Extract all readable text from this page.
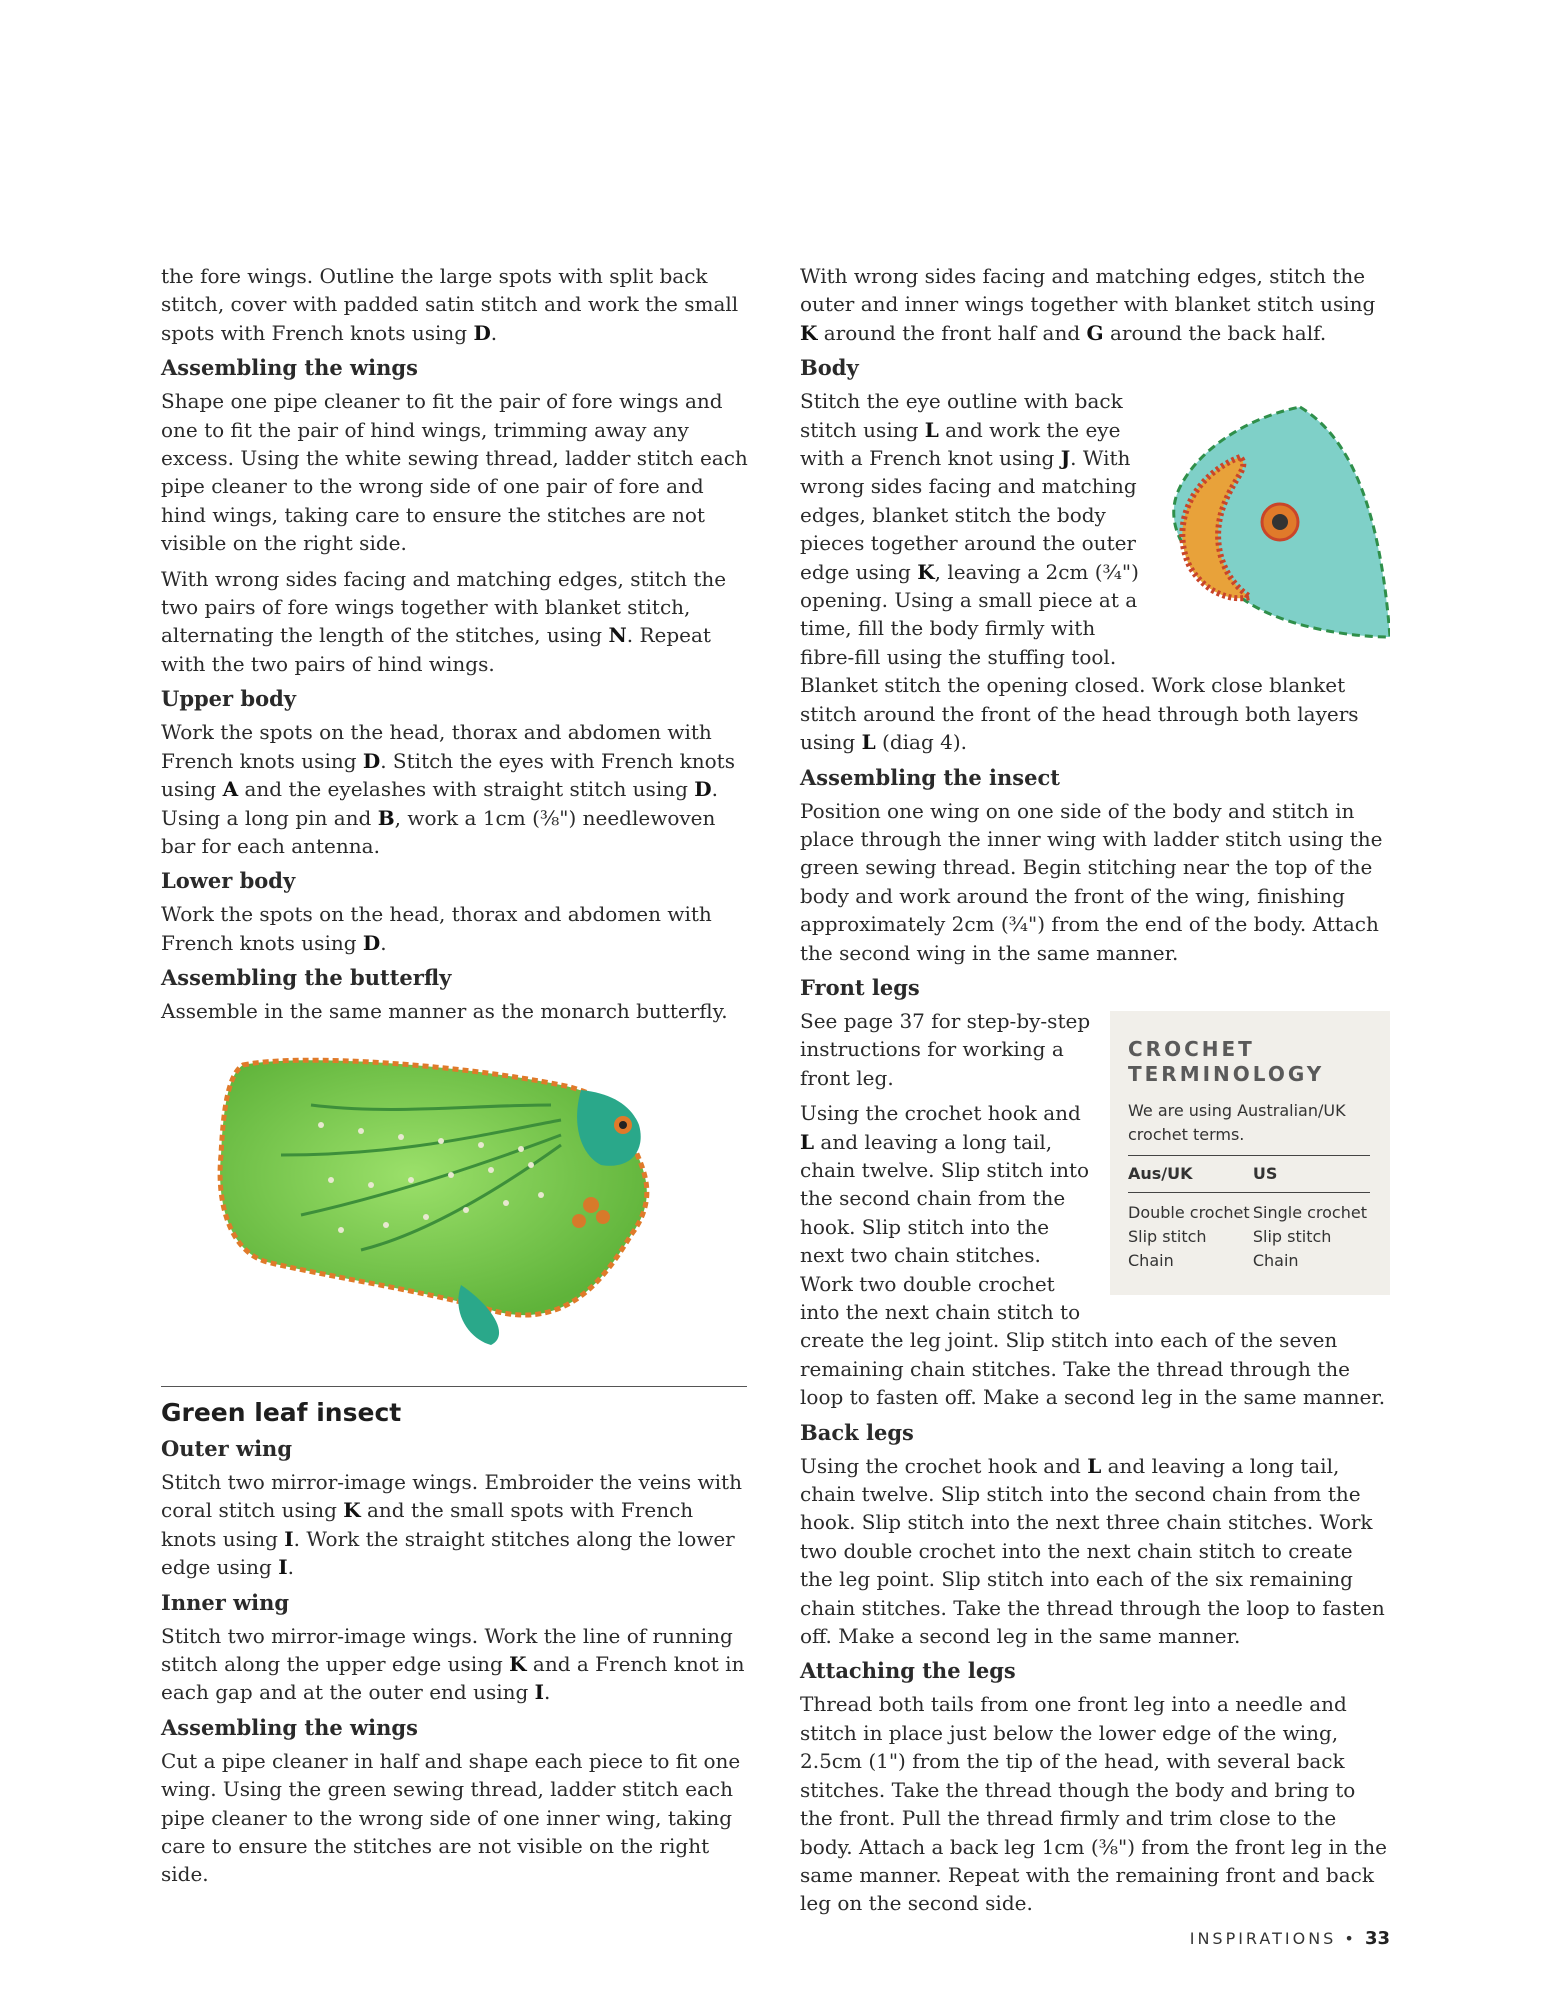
the fore wings. Outline the large spots with split back stitch, cover with padded satin stitch and work the small spots with French knots using D.

Assembling the wings

Shape one pipe cleaner to fit the pair of fore wings and one to fit the pair of hind wings, trimming away any excess. Using the white sewing thread, ladder stitch each pipe cleaner to the wrong side of one pair of fore and hind wings, taking care to ensure the stitches are not visible on the right side.

With wrong sides facing and matching edges, stitch the two pairs of fore wings together with blanket stitch, alternating the length of the stitches, using N. Repeat with the two pairs of hind wings.

Upper body

Work the spots on the head, thorax and abdomen with French knots using D. Stitch the eyes with French knots using A and the eyelashes with straight stitch using D. Using a long pin and B, work a 1cm (⅜") needlewoven bar for each antenna.

Lower body

Work the spots on the head, thorax and abdomen with French knots using D.

Assembling the butterfly

Assemble in the same manner as the monarch butterfly.

Green leaf insect
Outer wing

Stitch two mirror-image wings. Embroider the veins with coral stitch using K and the small spots with French knots using I. Work the straight stitches along the lower edge using I.

Inner wing

Stitch two mirror-image wings. Work the line of running stitch along the upper edge using K and a French knot in each gap and at the outer end using I.

Assembling the wings

Cut a pipe cleaner in half and shape each piece to fit one wing. Using the green sewing thread, ladder stitch each pipe cleaner to the wrong side of one inner wing, taking care to ensure the stitches are not visible on the right side.

With wrong sides facing and matching edges, stitch the outer and inner wings together with blanket stitch using K around the front half and G around the back half.

Body

Stitch the eye outline with back stitch using L and work the eye with a French knot using J. With wrong sides facing and matching edges, blanket stitch the body pieces together around the outer edge using K, leaving a 2cm (¾") opening. Using a small piece at a time, fill the body firmly with fibre-fill using the stuffing tool. Blanket stitch the opening closed. Work close blanket stitch around the front of the head through both layers using L (diag 4).

Assembling the insect

Position one wing on one side of the body and stitch in place through the inner wing with ladder stitch using the green sewing thread. Begin stitching near the top of the body and work around the front of the wing, finishing approximately 2cm (¾") from the end of the body. Attach the second wing in the same manner.

Front legs
CROCHET
TERMINOLOGY
We are using Australian/UK crochet terms.
Aus/UK	US
Double crochet	Single crochet
Slip stitch	Slip stitch
Chain	Chain

See page 37 for step-by-step instructions for working a front leg.

Using the crochet hook and L and leaving a long tail, chain twelve. Slip stitch into the second chain from the hook. Slip stitch into the next two chain stitches. Work two double crochet into the next chain stitch to create the leg joint. Slip stitch into each of the seven remaining chain stitches. Take the thread through the loop to fasten off. Make a second leg in the same manner.

Back legs

Using the crochet hook and L and leaving a long tail, chain twelve. Slip stitch into the second chain from the hook. Slip stitch into the next three chain stitches. Work two double crochet into the next chain stitch to create the leg point. Slip stitch into each of the six remaining chain stitches. Take the thread through the loop to fasten off. Make a second leg in the same manner.

Attaching the legs

Thread both tails from one front leg into a needle and stitch in place just below the lower edge of the wing, 2.5cm (1") from the tip of the head, with several back stitches. Take the thread though the body and bring to the front. Pull the thread firmly and trim close to the body. Attach a back leg 1cm (⅜") from the front leg in the same manner. Repeat with the remaining front and back leg on the second side.

INSPIRATIONS • 33
